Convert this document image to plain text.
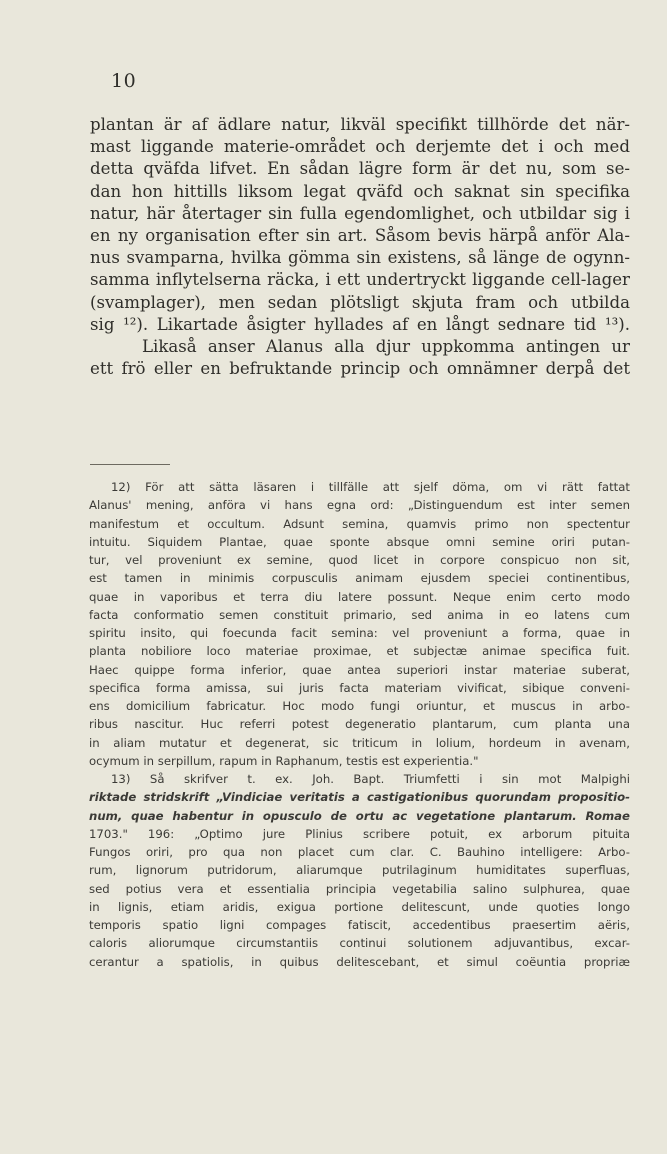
10
plantan är af ädlare natur, likväl specifikt tillhörde det när-
mast liggande materie-området och derjemte det i och med
detta qväfda lifvet. En sådan lägre form är det nu, som se-
dan hon hittills liksom legat qväfd och saknat sin specifika
natur, här återtager sin fulla egendomlighet, och utbildar sig i
en ny organisation efter sin art. Såsom bevis härpå anför Ala-
nus svamparna, hvilka gömma sin existens, så länge de ogynn-
samma inflytelserna räcka, i ett undertryckt liggande cell-lager
(svamplager), men sedan plötsligt skjuta fram och utbilda
sig ¹²). Likartade åsigter hyllades af en långt sednare tid ¹³).
Likaså anser Alanus alla djur uppkomma antingen ur
ett frö eller en befruktande princip och omnämner derpå det
12) För att sätta läsaren i tillfälle att sjelf döma, om vi rätt fattat
Alanus' mening, anföra vi hans egna ord: „Distinguendum est inter semen
manifestum et occultum. Adsunt semina, quamvis primo non spectentur
intuitu. Siquidem Plantae, quae sponte absque omni semine oriri putan-
tur, vel proveniunt ex semine, quod licet in corpore conspicuo non sit,
est tamen in minimis corpusculis animam ejusdem speciei continentibus,
quae in vaporibus et terra diu latere possunt. Neque enim certo modo
facta conformatio semen constituit primario, sed anima in eo latens cum
spiritu insito, qui foecunda facit semina: vel proveniunt a forma, quae in
planta nobiliore loco materiae proximae, et subjectæ animae specifica fuit.
Haec quippe forma inferior, quae antea superiori instar materiae suberat,
specifica forma amissa, sui juris facta materiam vivificat, sibique conveni-
ens domicilium fabricatur. Hoc modo fungi oriuntur, et muscus in arbo-
ribus nascitur. Huc referri potest degeneratio plantarum, cum planta una
in aliam mutatur et degenerat, sic triticum in lolium, hordeum in avenam,
ocymum in serpillum, rapum in Raphanum, testis est experientia."
13) Så skrifver t. ex. Joh. Bapt. Triumfetti i sin mot Malpighi
riktade stridskrift „Vindiciae veritatis a castigationibus quorundam propositio-
num, quae habentur in opusculo de ortu ac vegetatione plantarum. Romae
1703." 196: „Optimo jure Plinius scribere potuit, ex arborum pituita
Fungos oriri, pro qua non placet cum clar. C. Bauhino intelligere: Arbo-
rum, lignorum putridorum, aliarumque putrilaginum humiditates superfluas,
sed potius vera et essentialia principia vegetabilia salino sulphurea, quae
in lignis, etiam aridis, exigua portione delitescunt, unde quoties longo
temporis spatio ligni compages fatiscit, accedentibus praesertim aëris,
caloris aliorumque circumstantiis continui solutionem adjuvantibus, excar-
cerantur a spatiolis, in quibus delitescebant, et simul coëuntia propriæ
